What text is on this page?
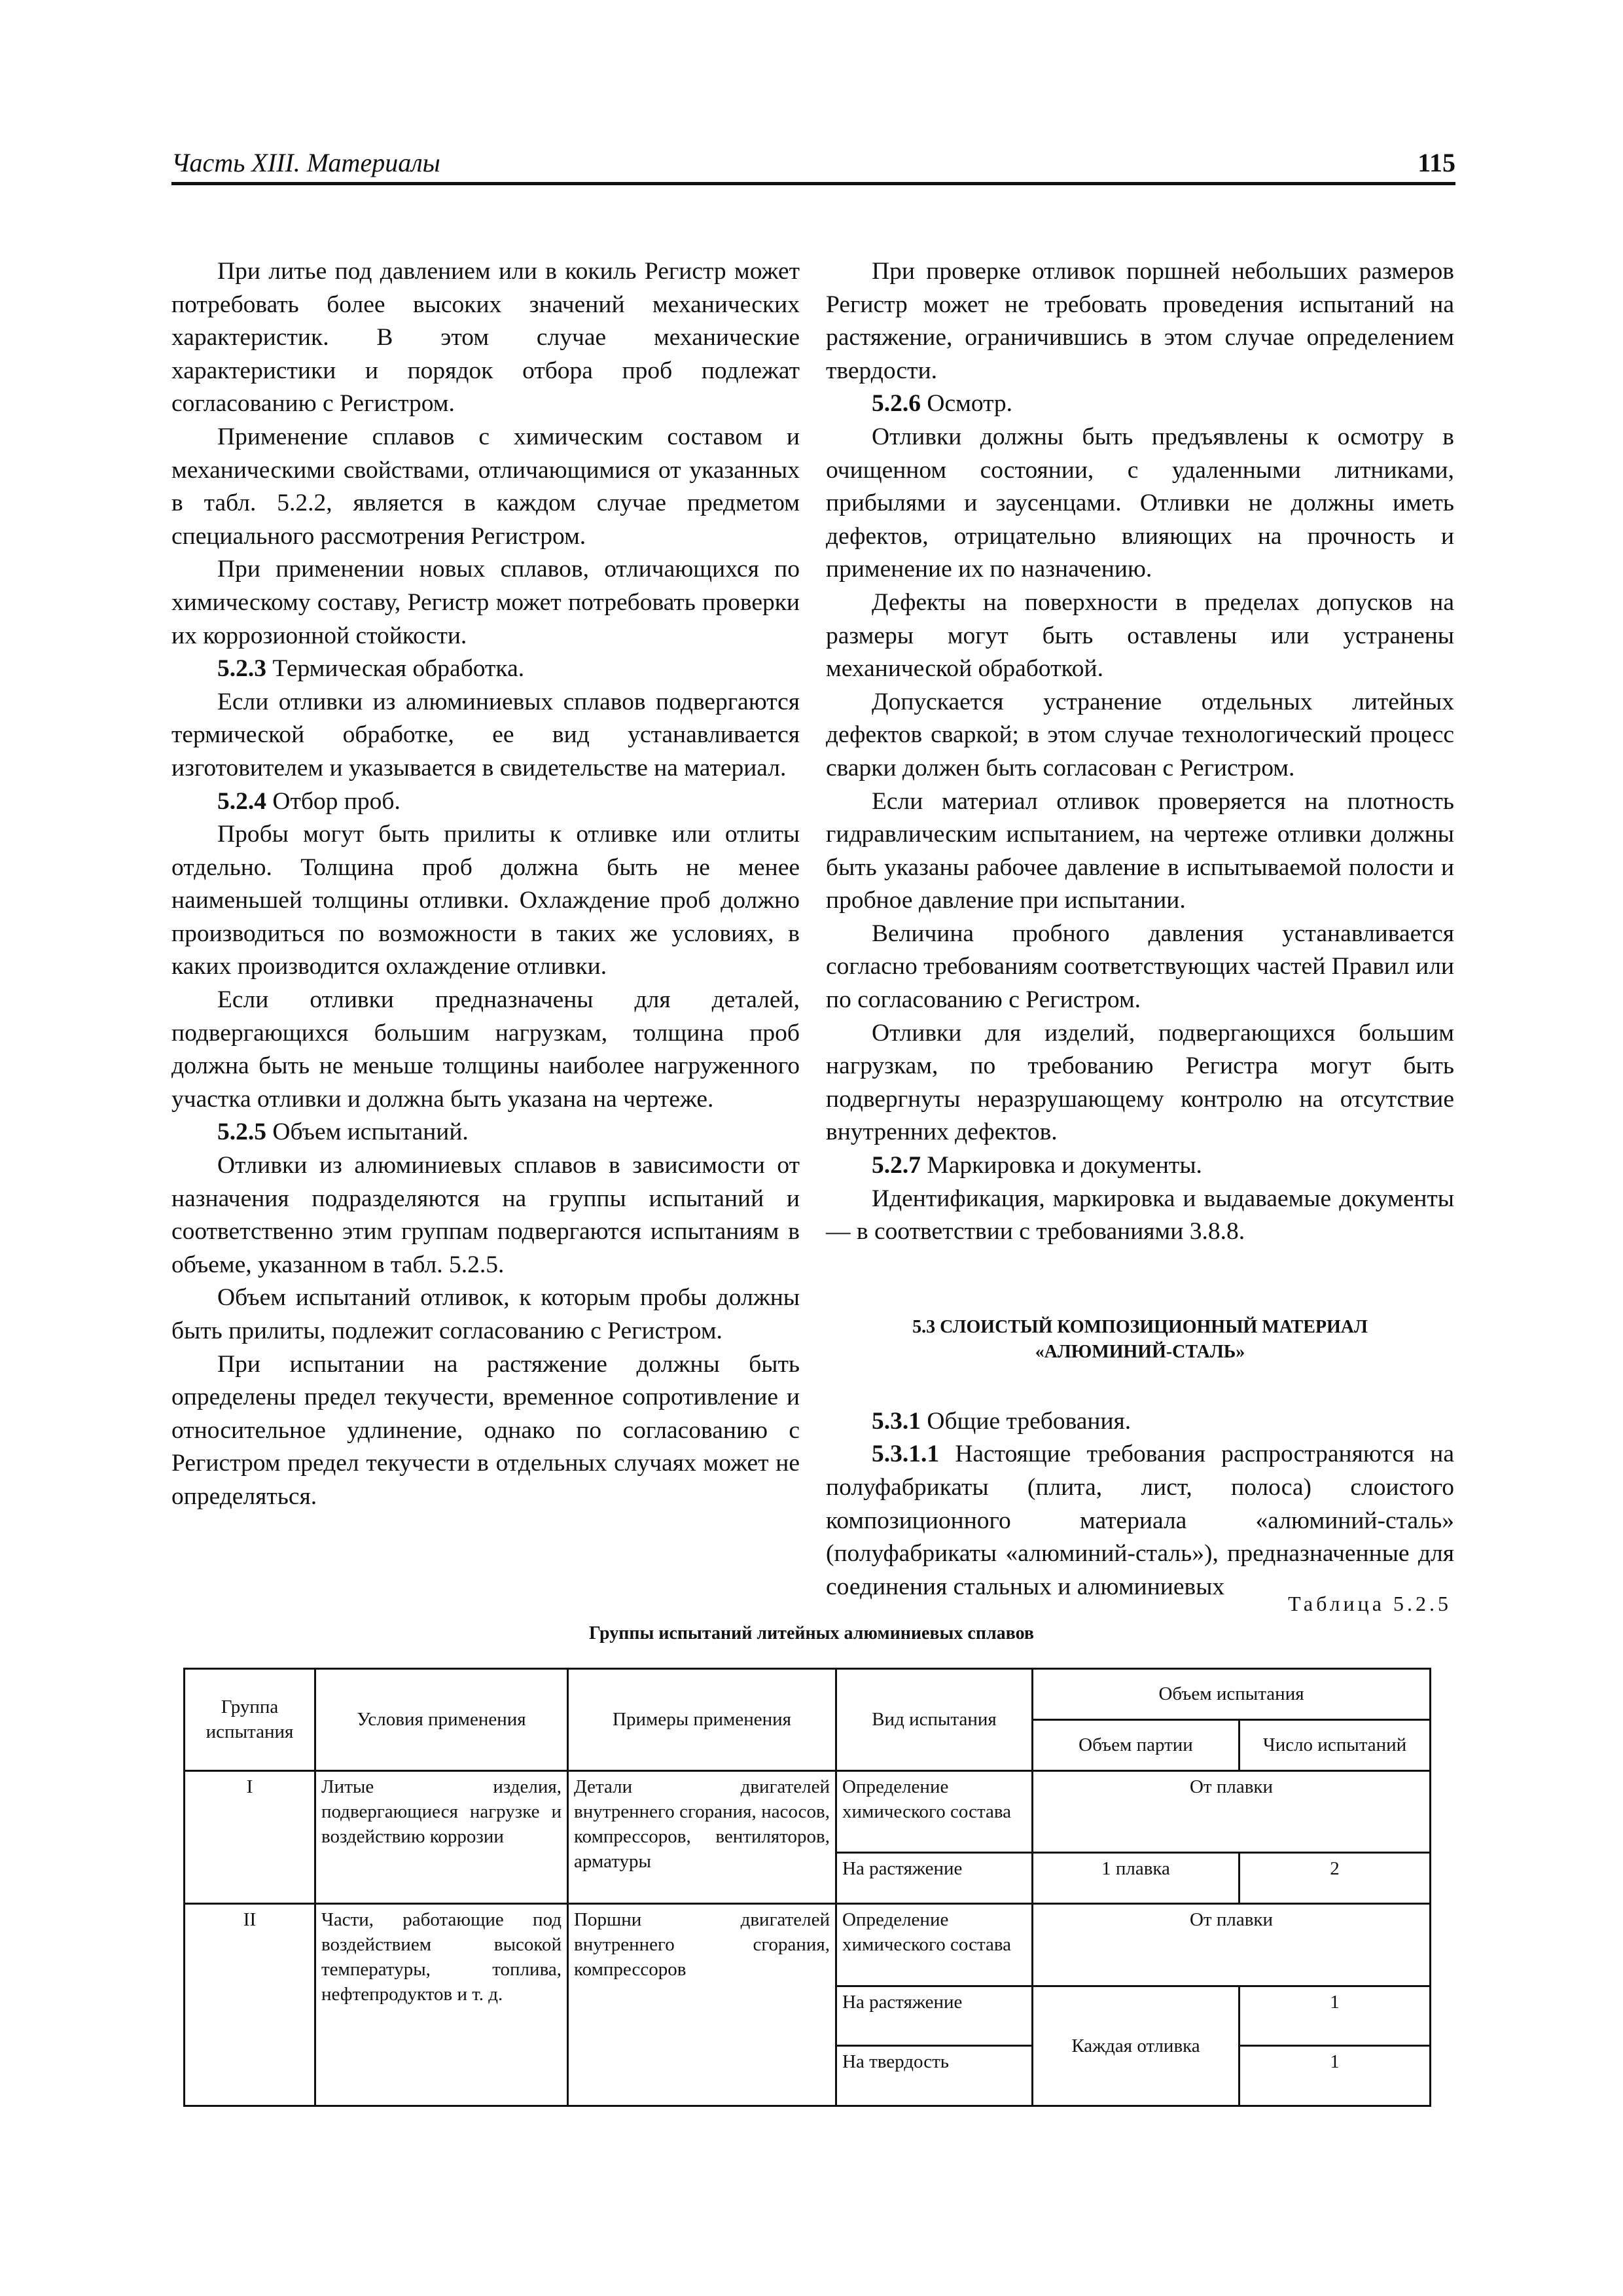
Часть XIII. Материалы	115

При литье под давлением или в кокиль Регистр может потребовать более высоких значений механических характеристик. В этом случае механические характеристики и порядок отбора проб подлежат согласованию с Регистром.

Применение сплавов с химическим составом и механическими свойствами, отличающимися от указанных в табл. 5.2.2, является в каждом случае предметом специального рассмотрения Регистром.

При применении новых сплавов, отличающихся по химическому составу, Регистр может потребовать проверки их коррозионной стойкости.

5.2.3 Термическая обработка.

Если отливки из алюминиевых сплавов подвергаются термической обработке, ее вид устанавливается изготовителем и указывается в свидетельстве на материал.

5.2.4 Отбор проб.

Пробы могут быть прилиты к отливке или отлиты отдельно. Толщина проб должна быть не менее наименьшей толщины отливки. Охлаждение проб должно производиться по возможности в таких же условиях, в каких производится охлаждение отливки.

Если отливки предназначены для деталей, подвергающихся большим нагрузкам, толщина проб должна быть не меньше толщины наиболее нагруженного участка отливки и должна быть указана на чертеже.

5.2.5 Объем испытаний.

Отливки из алюминиевых сплавов в зависимости от назначения подразделяются на группы испытаний и соответственно этим группам подвергаются испытаниям в объеме, указанном в табл. 5.2.5.

Объем испытаний отливок, к которым пробы должны быть прилиты, подлежит согласованию с Регистром.

При испытании на растяжение должны быть определены предел текучести, временное сопротивление и относительное удлинение, однако по согласованию с Регистром предел текучести в отдельных случаях может не определяться.

При проверке отливок поршней небольших размеров Регистр может не требовать проведения испытаний на растяжение, ограничившись в этом случае определением твердости.

5.2.6 Осмотр.

Отливки должны быть предъявлены к осмотру в очищенном состоянии, с удаленными литниками, прибылями и заусенцами. Отливки не должны иметь дефектов, отрицательно влияющих на прочность и применение их по назначению.

Дефекты на поверхности в пределах допусков на размеры могут быть оставлены или устранены механической обработкой.

Допускается устранение отдельных литейных дефектов сваркой; в этом случае технологический процесс сварки должен быть согласован с Регистром.

Если материал отливок проверяется на плотность гидравлическим испытанием, на чертеже отливки должны быть указаны рабочее давление в испытываемой полости и пробное давление при испытании.

Величина пробного давления устанавливается согласно требованиям соответствующих частей Правил или по согласованию с Регистром.

Отливки для изделий, подвергающихся большим нагрузкам, по требованию Регистра могут быть подвергнуты неразрушающему контролю на отсутствие внутренних дефектов.

5.2.7 Маркировка и документы.

Идентификация, маркировка и выдаваемые документы — в соответствии с требованиями 3.8.8.

5.3 СЛОИСТЫЙ КОМПОЗИЦИОННЫЙ МАТЕРИАЛ
«АЛЮМИНИЙ-СТАЛЬ»

5.3.1 Общие требования.

5.3.1.1 Настоящие требования распространяются на полуфабрикаты (плита, лист, полоса) слоистого композиционного материала «алюминий-сталь» (полуфабрикаты «алюминий-сталь»), предназначенные для соединения стальных и алюминиевых

Таблица 5.2.5
Группы испытаний литейных алюминиевых сплавов
Группа испытания	Условия применения	Примеры применения	Вид испытания	Объем испытания	
				Объем партии	Число испытаний
I	Литые изделия, подвергающиеся нагрузке и воздействию коррозии	Детали двигателей внутреннего сгорания, насосов, компрессоров, вентиляторов, арматуры	Определение химического состава	От плавки	
			На растяжение	1 плавка	2
II	Части, работающие под воздействием высокой температуры, топлива, нефтепродуктов и т. д.	Поршни двигателей внутреннего сгорания, компрессоров	Определение химического состава	От плавки	
			На растяжение	Каждая отливка	1
			На твердость		1
